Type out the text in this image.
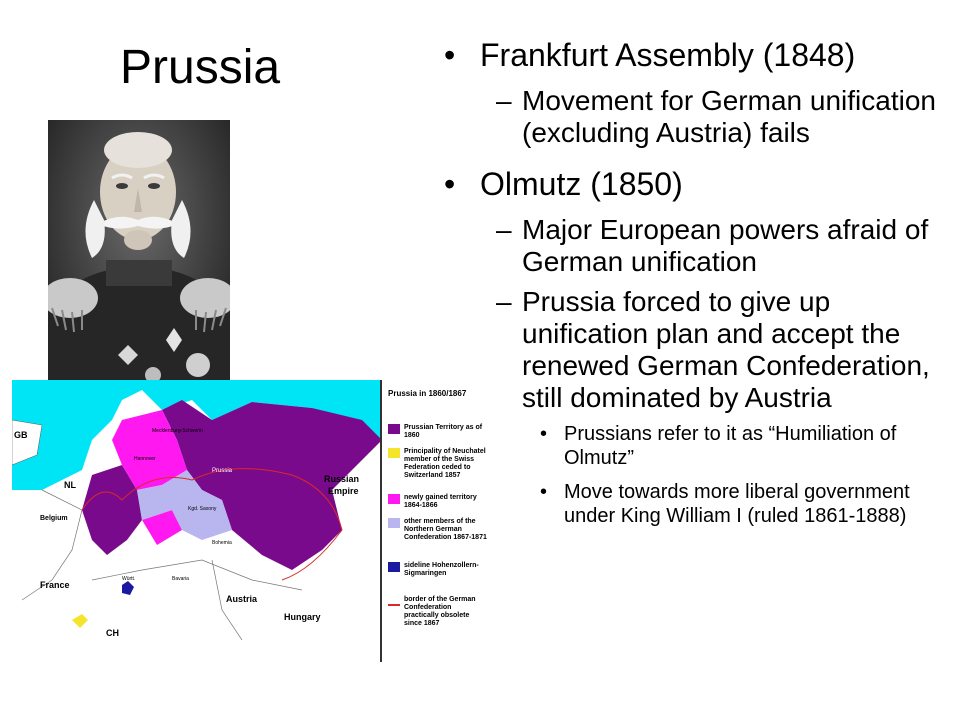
Prussia
GB
NL
Belgium
France
CH
Russian
Empire
Austria
Hungary
Prussia
Hannover
Mecklenburg-Schwerin
Kgd. Saxony
Bohemia
Bavaria
Württ.
Prussia in 1860/1867
Prussian Territory as of 1860
Principality of Neuchatel member of the Swiss Federation ceded to Switzerland 1857
newly gained territory 1864-1866
other members of the Northern German Confederation 1867-1871
sideline Hohenzollern-Sigmaringen
border of the German Confederation practically obsolete since 1867
• Frankfurt Assembly (1848)
– Movement for German unification (excluding Austria) fails
• Olmutz (1850)
– Major European powers afraid of German unification
– Prussia forced to give up unification plan and accept the renewed German Confederation, still dominated by Austria
• Prussians refer to it as “Humiliation of Olmutz”
• Move towards more liberal government under King William I (ruled 1861-1888)
